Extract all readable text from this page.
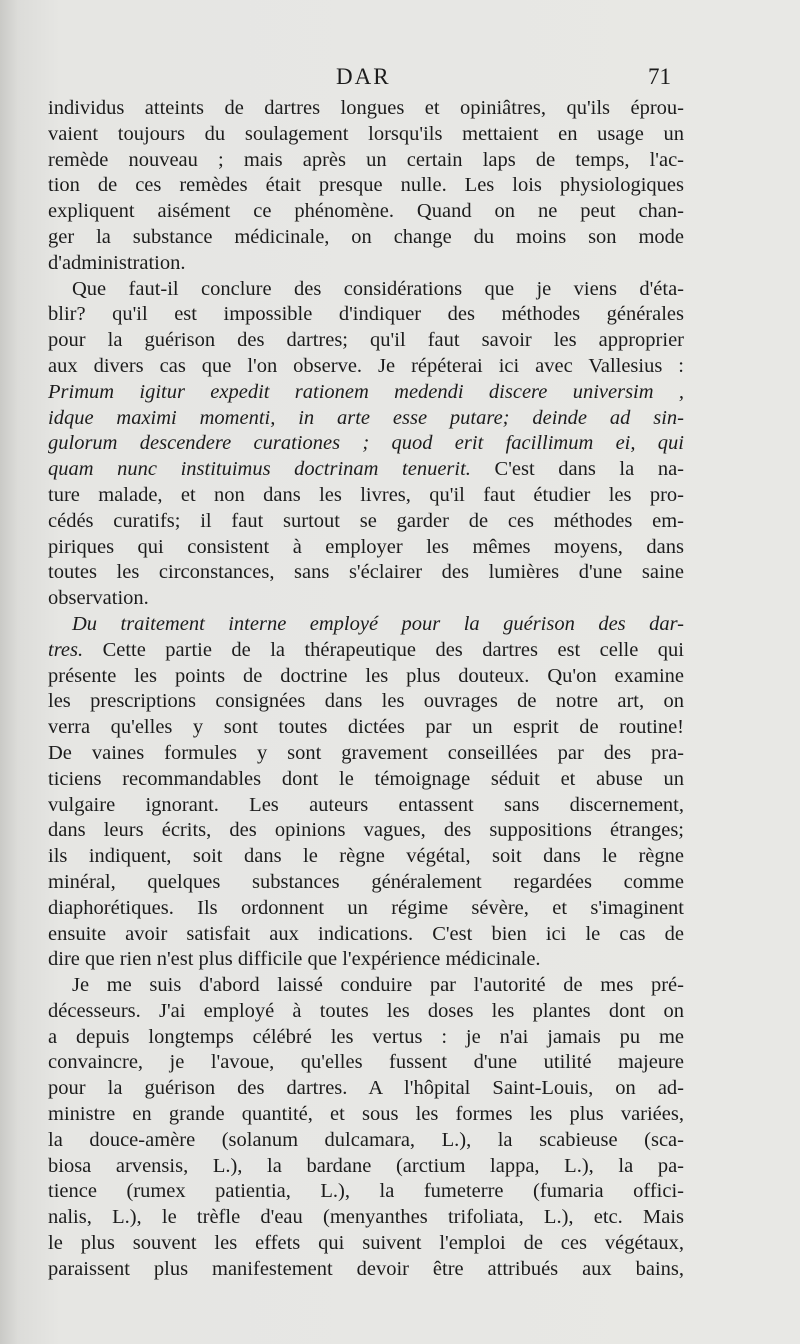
DAR	71
individus atteints de dartres longues et opiniâtres, qu'ils éprou-
vaient toujours du soulagement lorsqu'ils mettaient en usage un
remède nouveau ; mais après un certain laps de temps, l'ac-
tion de ces remèdes était presque nulle. Les lois physiologiques
expliquent aisément ce phénomène. Quand on ne peut chan-
ger la substance médicinale, on change du moins son mode
d'administration.
Que faut-il conclure des considérations que je viens d'éta-
blir? qu'il est impossible d'indiquer des méthodes générales
pour la guérison des dartres; qu'il faut savoir les approprier
aux divers cas que l'on observe. Je répéterai ici avec Vallesius :
Primum igitur expedit rationem medendi discere universim ,
idque maximi momenti, in arte esse putare; deinde ad sin-
gulorum descendere curationes ; quod erit facillimum ei, qui
quam nunc instituimus doctrinam tenuerit. C'est dans la na-
ture malade, et non dans les livres, qu'il faut étudier les pro-
cédés curatifs; il faut surtout se garder de ces méthodes em-
piriques qui consistent à employer les mêmes moyens, dans
toutes les circonstances, sans s'éclairer des lumières d'une saine
observation.
Du traitement interne employé pour la guérison des dar-
tres. Cette partie de la thérapeutique des dartres est celle qui
présente les points de doctrine les plus douteux. Qu'on examine
les prescriptions consignées dans les ouvrages de notre art, on
verra qu'elles y sont toutes dictées par un esprit de routine!
De vaines formules y sont gravement conseillées par des pra-
ticiens recommandables dont le témoignage séduit et abuse un
vulgaire ignorant. Les auteurs entassent sans discernement,
dans leurs écrits, des opinions vagues, des suppositions étranges;
ils indiquent, soit dans le règne végétal, soit dans le règne
minéral, quelques substances généralement regardées comme
diaphorétiques. Ils ordonnent un régime sévère, et s'imaginent
ensuite avoir satisfait aux indications. C'est bien ici le cas de
dire que rien n'est plus difficile que l'expérience médicinale.
Je me suis d'abord laissé conduire par l'autorité de mes pré-
décesseurs. J'ai employé à toutes les doses les plantes dont on
a depuis longtemps célébré les vertus : je n'ai jamais pu me
convaincre, je l'avoue, qu'elles fussent d'une utilité majeure
pour la guérison des dartres. A l'hôpital Saint-Louis, on ad-
ministre en grande quantité, et sous les formes les plus variées,
la douce-amère (solanum dulcamara, L.), la scabieuse (sca-
biosa arvensis, L.), la bardane (arctium lappa, L.), la pa-
tience (rumex patientia, L.), la fumeterre (fumaria offici-
nalis, L.), le trèfle d'eau (menyanthes trifoliata, L.), etc. Mais
le plus souvent les effets qui suivent l'emploi de ces végétaux,
paraissent plus manifestement devoir être attribués aux bains,
